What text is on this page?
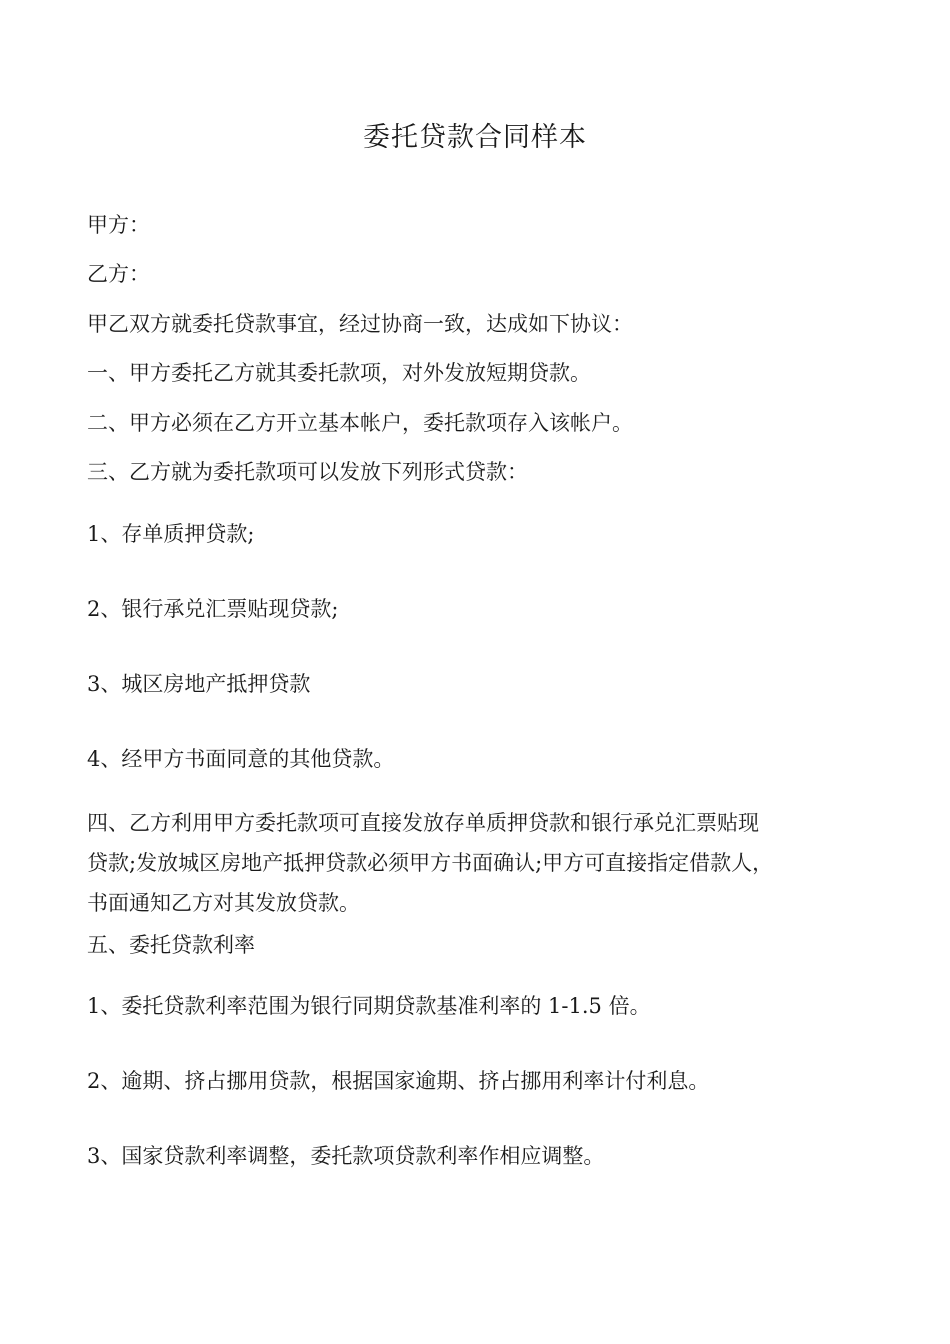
委托贷款合同样本
甲方：
乙方：
甲乙双方就委托贷款事宜，经过协商一致，达成如下协议：
一、甲方委托乙方就其委托款项，对外发放短期贷款。
二、甲方必须在乙方开立基本帐户，委托款项存入该帐户。
三、乙方就为委托款项可以发放下列形式贷款：
1、存单质押贷款;
2、银行承兑汇票贴现贷款;
3、城区房地产抵押贷款
4、经甲方书面同意的其他贷款。
四、乙方利用甲方委托款项可直接发放存单质押贷款和银行承兑汇票贴现
贷款;发放城区房地产抵押贷款必须甲方书面确认;甲方可直接指定借款人，
书面通知乙方对其发放贷款。
五、委托贷款利率
1、委托贷款利率范围为银行同期贷款基准利率的 1-1.5 倍。
2、逾期、挤占挪用贷款，根据国家逾期、挤占挪用利率计付利息。
3、国家贷款利率调整，委托款项贷款利率作相应调整。
